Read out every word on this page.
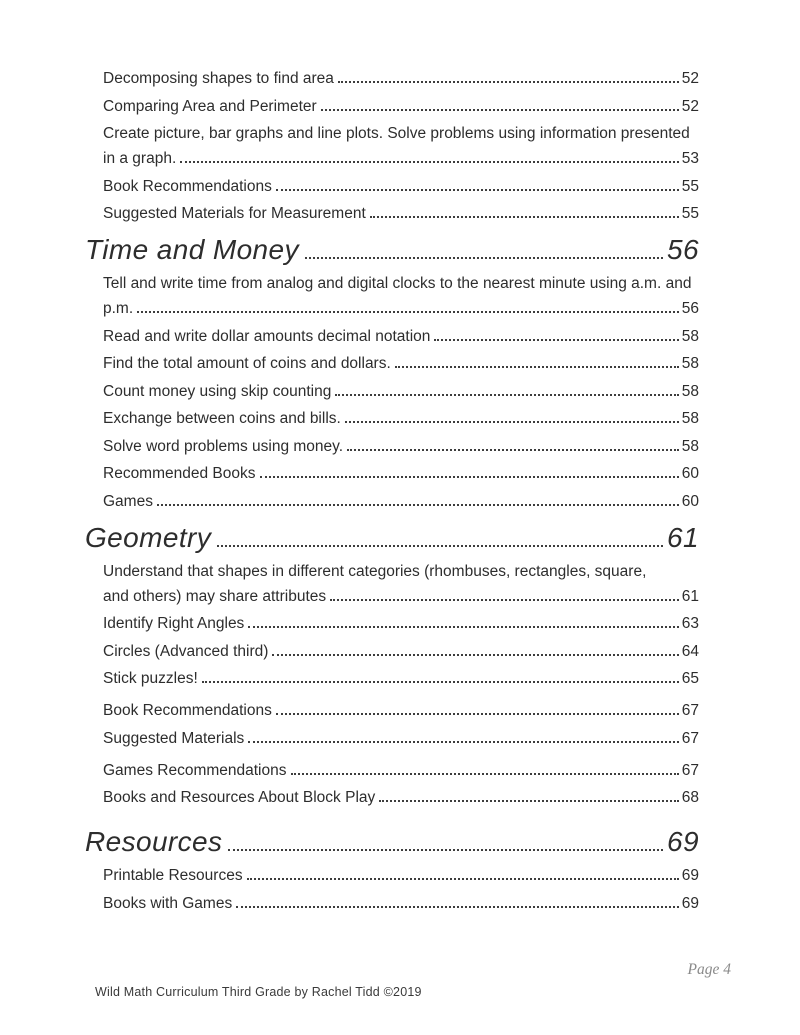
Decomposing shapes to find area	52
Comparing Area and Perimeter	52
Create picture, bar graphs and line plots. Solve problems using information presented
in a graph.	53
Book Recommendations	55
Suggested Materials for Measurement	55
Time and Money	56
Tell and write time from analog and digital clocks to the nearest minute using a.m. and
p.m.	56
Read and write dollar amounts decimal notation	58
Find the total amount of coins and dollars.	58
Count money using skip counting	58
Exchange between coins and bills.	58
Solve word problems using money.	58
Recommended Books	60
Games	60
Geometry	61
Understand that shapes in different categories (rhombuses, rectangles, square,
and others) may share attributes	61
Identify Right Angles	63
Circles (Advanced third)	64
Stick puzzles!	65
Book Recommendations	67
Suggested Materials	67
Games Recommendations	67
Books and Resources About Block Play	68
Resources	69
Printable Resources	69
Books with Games	69
Page 4
Wild Math Curriculum Third Grade by Rachel Tidd ©2019
